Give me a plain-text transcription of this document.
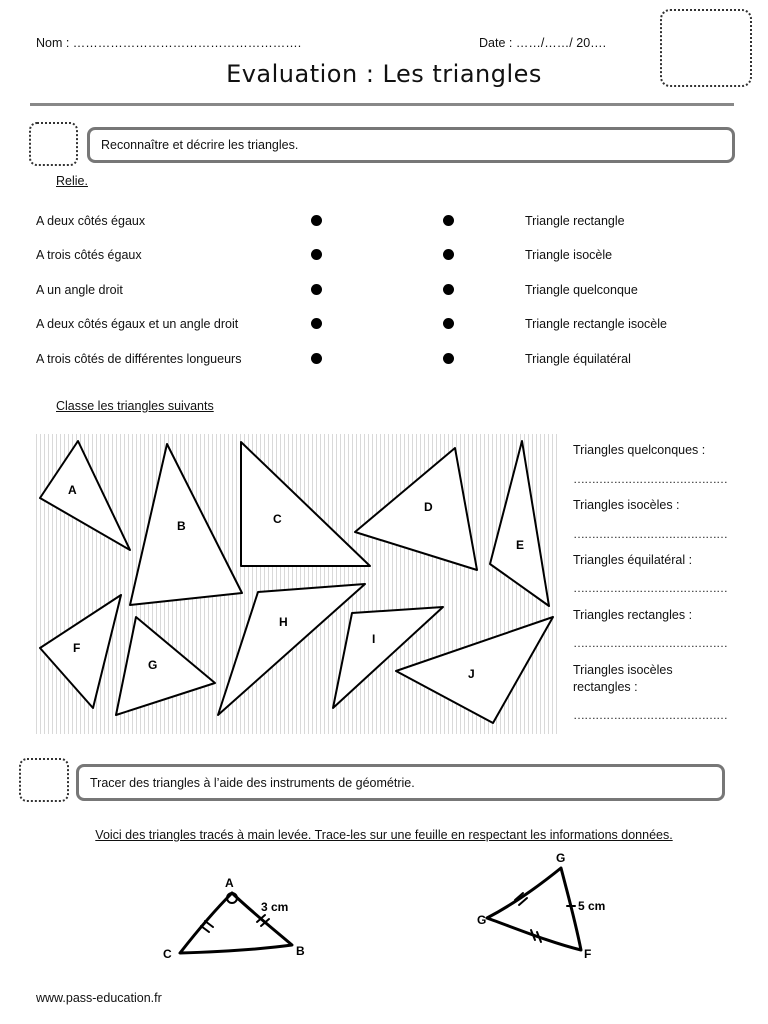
Nom : ……………………………………………….	Date : ……/……/ 20….
Evaluation : Les triangles
Reconnaître et décrire les triangles.
Relie.
A deux côtés égaux
A trois côtés égaux
A un angle droit
A deux côtés égaux et un angle droit
A trois côtés de différentes longueurs
Triangle rectangle
Triangle isocèle
Triangle quelconque
Triangle rectangle isocèle
Triangle équilatéral
Classe les triangles suivants
A
B	C
D
E
F
G
H
I
J
Triangles quelconques :
……………………………………
Triangles isocèles :
……………………………………
Triangles équilatéral :
……………………………………
Triangles rectangles :
……………………………………
Triangles isocèles rectangles :
……………………………………
Tracer des triangles à l’aide des instruments de géométrie.
Voici des triangles tracés à main levée. Trace-les sur une feuille en respectant les informations données.
A
B
C
3 cm
G
F
G
5 cm
www.pass-education.fr
